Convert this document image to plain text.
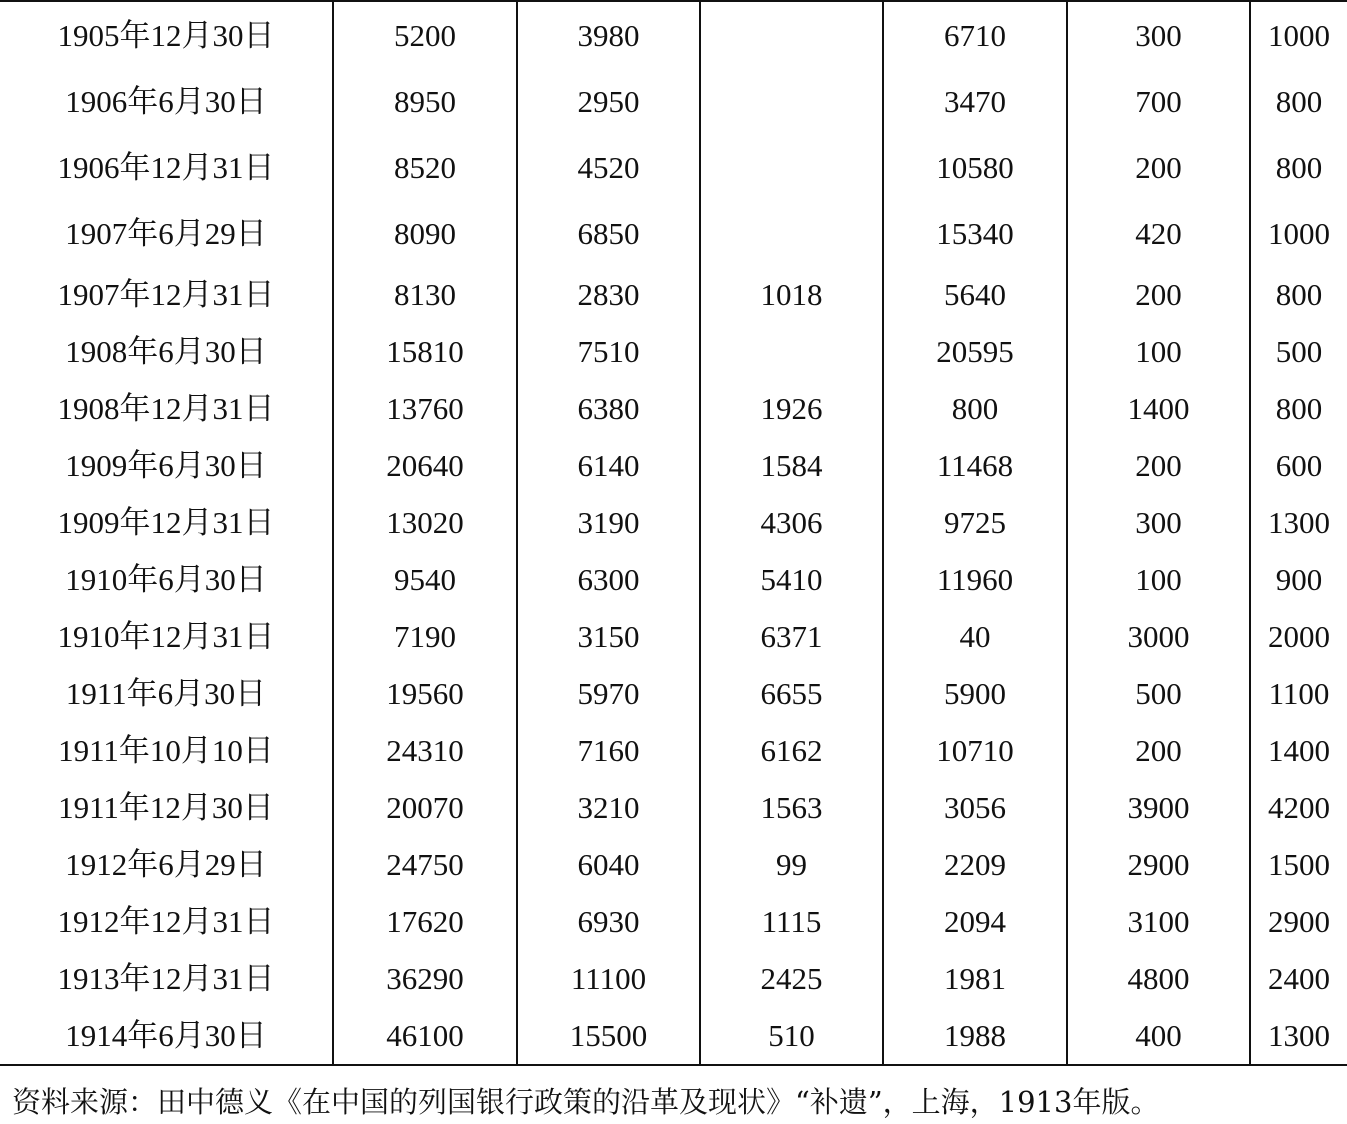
1905年12月30日	5200	3980		6710	300	1000
1906年6月30日	8950	2950		3470	700	800
1906年12月31日	8520	4520		10580	200	800
1907年6月29日	8090	6850		15340	420	1000
1907年12月31日	8130	2830	1018	5640	200	800
1908年6月30日	15810	7510		20595	100	500
1908年12月31日	13760	6380	1926	800	1400	800
1909年6月30日	20640	6140	1584	11468	200	600
1909年12月31日	13020	3190	4306	9725	300	1300
1910年6月30日	9540	6300	5410	11960	100	900
1910年12月31日	7190	3150	6371	40	3000	2000
1911年6月30日	19560	5970	6655	5900	500	1100
1911年10月10日	24310	7160	6162	10710	200	1400
1911年12月30日	20070	3210	1563	3056	3900	4200
1912年6月29日	24750	6040	99	2209	2900	1500
1912年12月31日	17620	6930	1115	2094	3100	2900
1913年12月31日	36290	11100	2425	1981	4800	2400
1914年6月30日	46100	15500	510	1988	400	1300
资料来源：田中德义《在中国的列国银行政策的沿革及现状》“补遗”，上海，1913年版。
